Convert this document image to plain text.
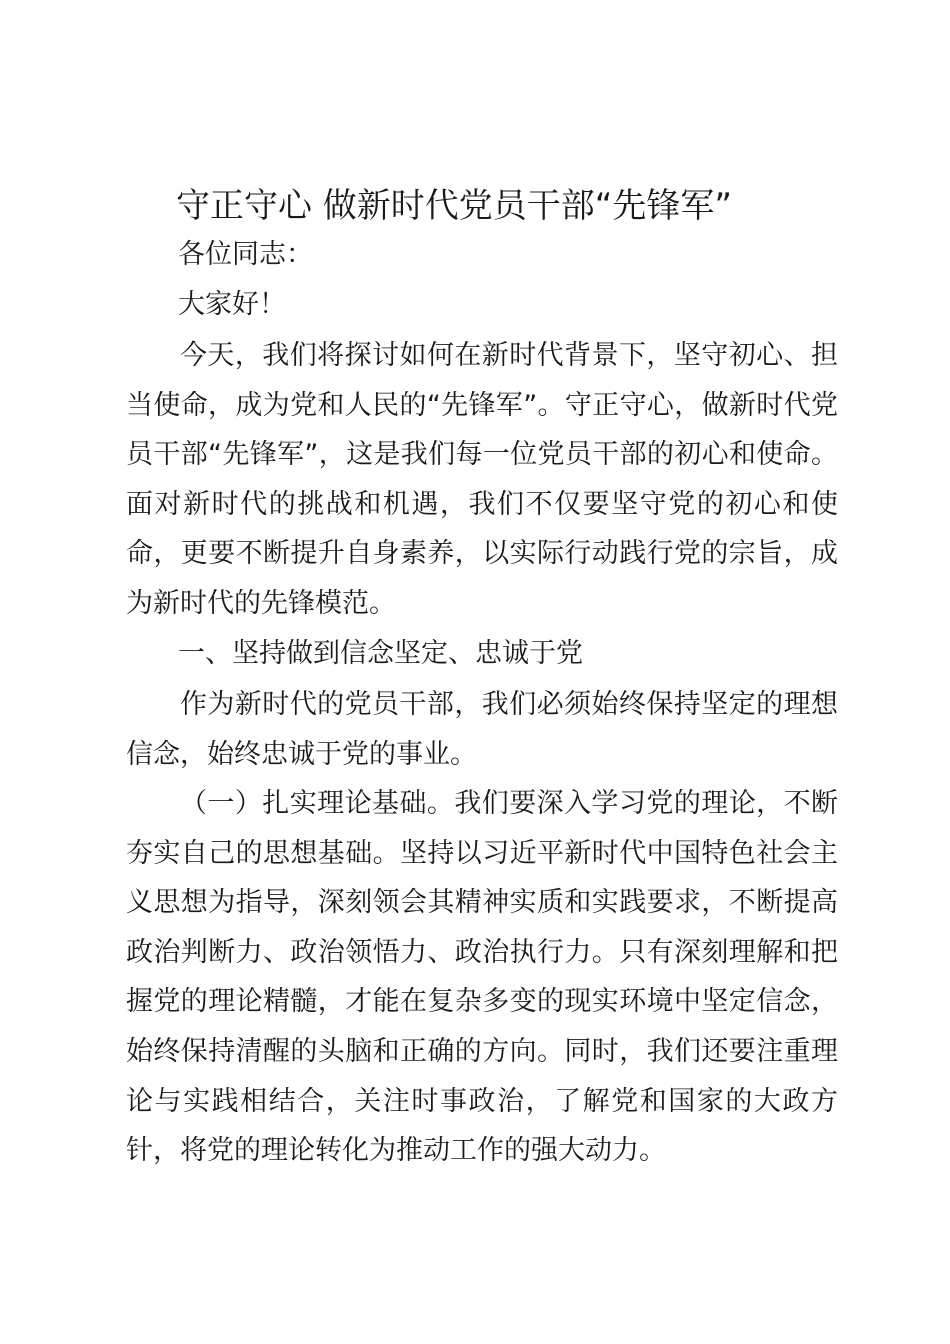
守正守心 做新时代党员干部“先锋军”

各位同志：

大家好！

今天，我们将探讨如何在新时代背景下，坚守初心、担当使命，成为党和人民的“先锋军”。守正守心，做新时代党员干部“先锋军”，这是我们每一位党员干部的初心和使命。面对新时代的挑战和机遇，我们不仅要坚守党的初心和使命，更要不断提升自身素养，以实际行动践行党的宗旨，成为新时代的先锋模范。

一、坚持做到信念坚定、忠诚于党

作为新时代的党员干部，我们必须始终保持坚定的理想信念，始终忠诚于党的事业。

（一）扎实理论基础。我们要深入学习党的理论，不断夯实自己的思想基础。坚持以习近平新时代中国特色社会主义思想为指导，深刻领会其精神实质和实践要求，不断提高政治判断力、政治领悟力、政治执行力。只有深刻理解和把握党的理论精髓，才能在复杂多变的现实环境中坚定信念，始终保持清醒的头脑和正确的方向。同时，我们还要注重理论与实践相结合，关注时事政治，了解党和国家的大政方针，将党的理论转化为推动工作的强大动力。
